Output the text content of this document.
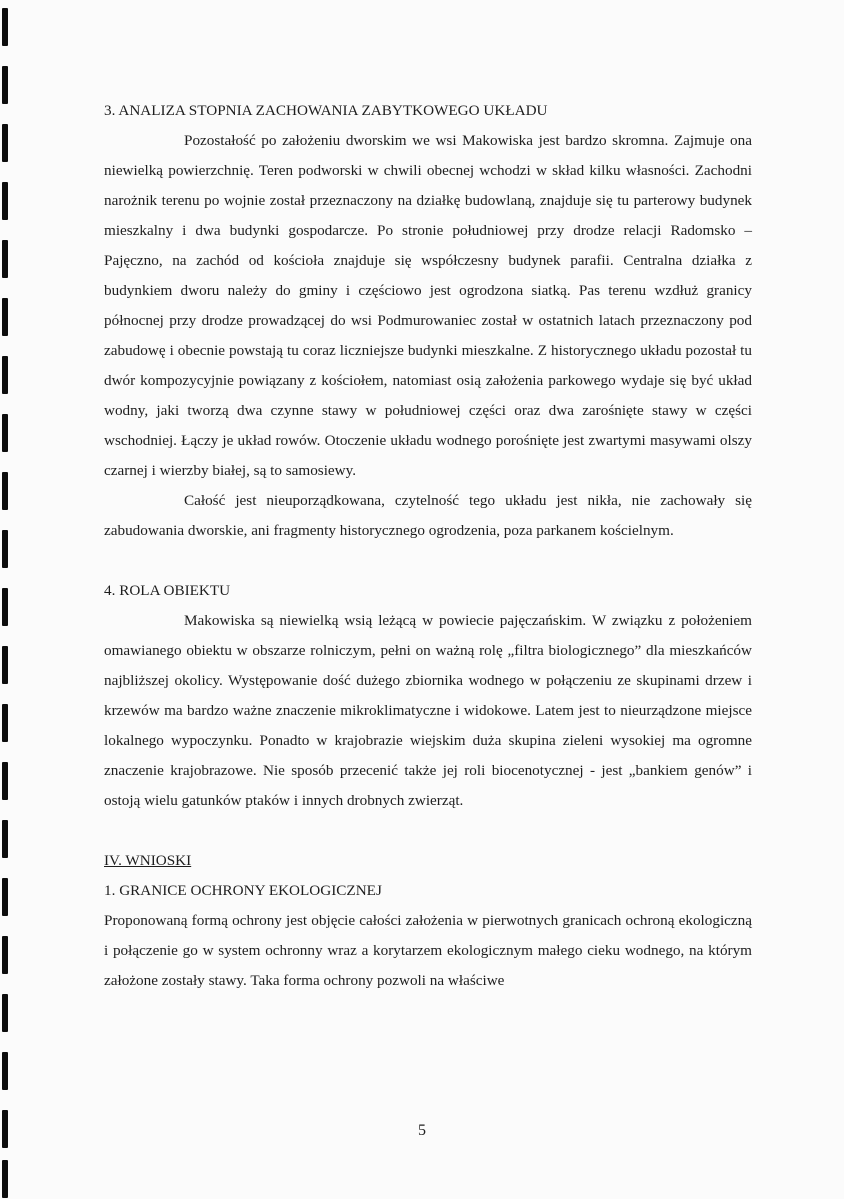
3. ANALIZA STOPNIA ZACHOWANIA ZABYTKOWEGO UKŁADU

Pozostałość po założeniu dworskim we wsi Makowiska jest bardzo skromna. Zajmuje ona niewielką powierzchnię. Teren podworski w chwili obecnej wchodzi w skład kilku własności. Zachodni narożnik terenu po wojnie został przeznaczony na działkę budowlaną, znajduje się tu parterowy budynek mieszkalny i dwa budynki gospodarcze. Po stronie południowej przy drodze relacji Radomsko – Pajęczno, na zachód od kościoła znajduje się współczesny budynek parafii. Centralna działka z budynkiem dworu należy do gminy i częściowo jest ogrodzona siatką. Pas terenu wzdłuż granicy północnej przy drodze prowadzącej do wsi Podmurowaniec został w ostatnich latach przeznaczony pod zabudowę i obecnie powstają tu coraz liczniejsze budynki mieszkalne. Z historycznego układu pozostał tu dwór kompozycyjnie powiązany z kościołem, natomiast osią założenia parkowego wydaje się być układ wodny, jaki tworzą dwa czynne stawy w południowej części oraz dwa zarośnięte stawy w części wschodniej. Łączy je układ rowów. Otoczenie układu wodnego porośnięte jest zwartymi masywami olszy czarnej i wierzby białej, są to samosiewy.

Całość jest nieuporządkowana, czytelność tego układu jest nikła, nie zachowały się zabudowania dworskie, ani fragmenty historycznego ogrodzenia, poza parkanem kościelnym.

4. ROLA OBIEKTU

Makowiska są niewielką wsią leżącą w powiecie pajęczańskim. W związku z położeniem omawianego obiektu w obszarze rolniczym, pełni on ważną rolę „filtra biologicznego” dla mieszkańców najbliższej okolicy. Występowanie dość dużego zbiornika wodnego w połączeniu ze skupinami drzew i krzewów ma bardzo ważne znaczenie mikroklimatyczne i widokowe. Latem jest to nieurządzone miejsce lokalnego wypoczynku. Ponadto w krajobrazie wiejskim duża skupina zieleni wysokiej ma ogromne znaczenie krajobrazowe. Nie sposób przecenić także jej roli biocenotycznej - jest „bankiem genów” i ostoją wielu gatunków ptaków i innych drobnych zwierząt.

IV. WNIOSKI
1. GRANICE OCHRONY EKOLOGICZNEJ

Proponowaną formą ochrony jest objęcie całości założenia w pierwotnych granicach ochroną ekologiczną i połączenie go w system ochronny wraz a korytarzem ekologicznym małego cieku wodnego, na którym założone zostały stawy. Taka forma ochrony pozwoli na właściwe

5
